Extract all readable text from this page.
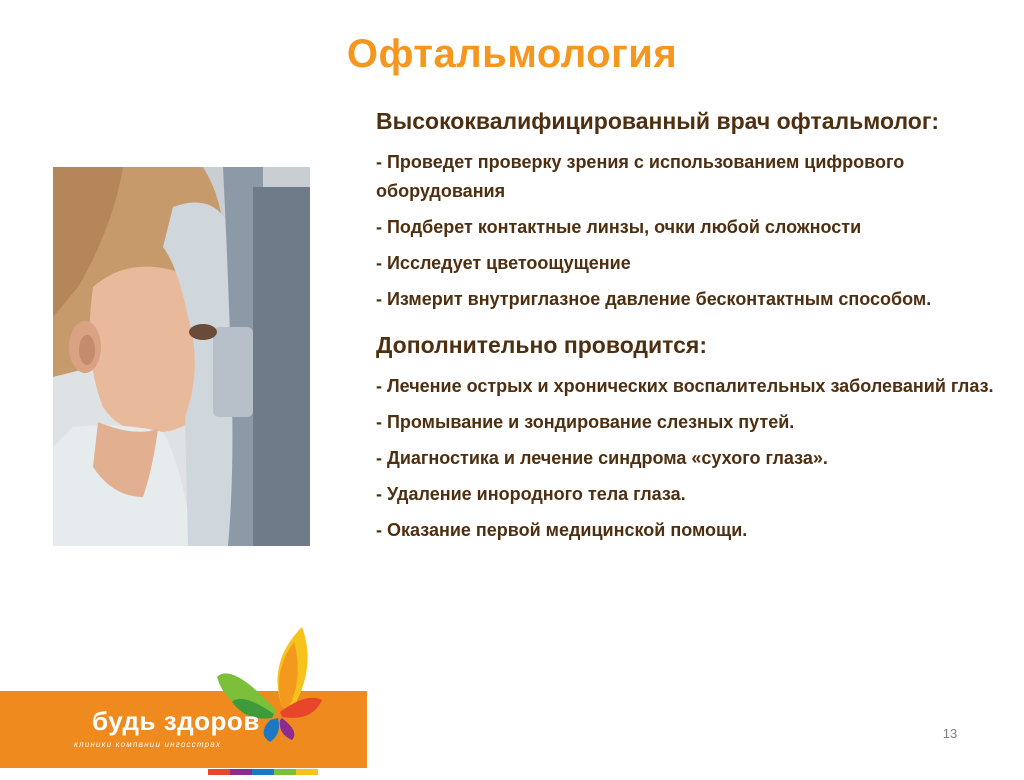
Офтальмология
Высококвалифицированный врач офтальмолог:
- Проведет проверку зрения с использованием цифрового оборудования
- Подберет контактные линзы, очки любой сложности
- Исследует цветоощущение
- Измерит внутриглазное давление бесконтактным способом.
Дополнительно проводится:
- Лечение острых и хронических воспалительных заболеваний глаз.
- Промывание и зондирование слезных путей.
- Диагностика и лечение синдрома «сухого глаза».
- Удаление инородного тела глаза.
- Оказание первой медицинской помощи.
будь здоров
клиники компании ингосстрах
13
